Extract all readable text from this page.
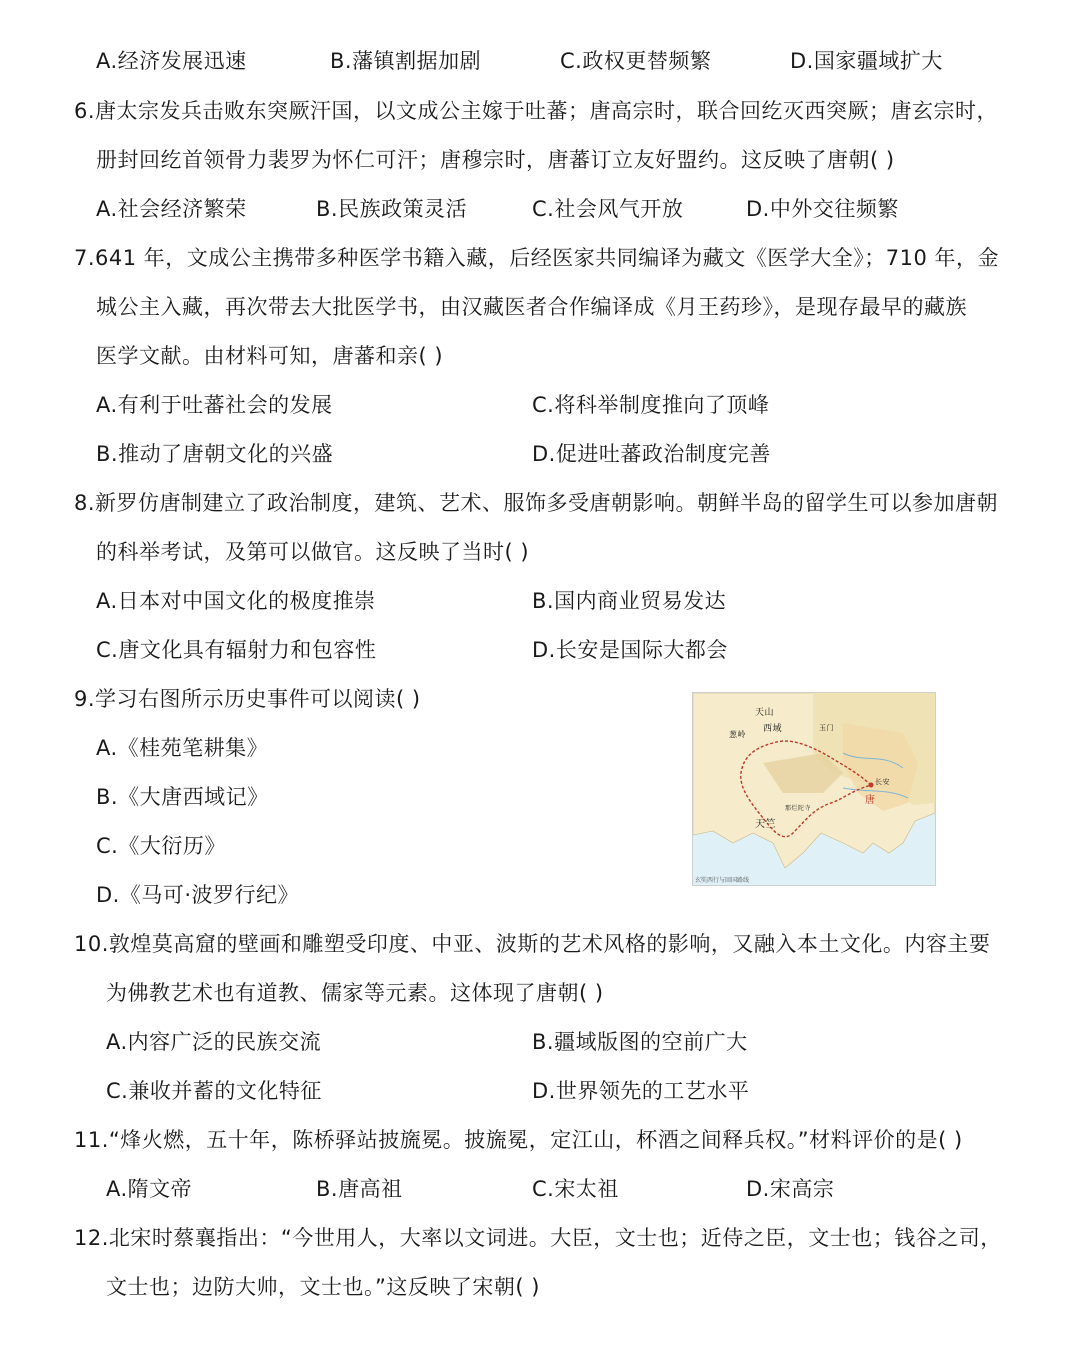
A.经济发展迅速	B.藩镇割据加剧	C.政权更替频繁	D.国家疆域扩大
6.唐太宗发兵击败东突厥汗国，以文成公主嫁于吐蕃；唐高宗时，联合回纥灭西突厥；唐玄宗时，
册封回纥首领骨力裴罗为怀仁可汗；唐穆宗时，唐蕃订立友好盟约。这反映了唐朝( )
A.社会经济繁荣	B.民族政策灵活	C.社会风气开放	D.中外交往频繁
7.641 年，文成公主携带多种医学书籍入藏，后经医家共同编译为藏文《医学大全》；710 年，金
城公主入藏，再次带去大批医学书，由汉藏医者合作编译成《月王药珍》，是现存最早的藏族
医学文献。由材料可知，唐蕃和亲( )
A.有利于吐蕃社会的发展	C.将科举制度推向了顶峰
B.推动了唐朝文化的兴盛	D.促进吐蕃政治制度完善
8.新罗仿唐制建立了政治制度，建筑、艺术、服饰多受唐朝影响。朝鲜半岛的留学生可以参加唐朝
的科举考试，及第可以做官。这反映了当时( )
A.日本对中国文化的极度推崇	B.国内商业贸易发达
C.唐文化具有辐射力和包容性	D.长安是国际大都会
9.学习右图所示历史事件可以阅读( )
A.《桂苑笔耕集》
B.《大唐西域记》
C.《大衍历》
D.《马可·波罗行纪》
天山
西域
葱岭
玉门
长安
唐
天竺
那烂陀寺
玄奘西行与回国路线
10.敦煌莫高窟的壁画和雕塑受印度、中亚、波斯的艺术风格的影响，又融入本土文化。内容主要
为佛教艺术也有道教、儒家等元素。这体现了唐朝( )
A.内容广泛的民族交流	B.疆域版图的空前广大
C.兼收并蓄的文化特征	D.世界领先的工艺水平
11.“烽火燃，五十年，陈桥驿站披旒冕。披旒冕，定江山，杯酒之间释兵权。”材料评价的是( )
A.隋文帝	B.唐高祖	C.宋太祖	D.宋高宗
12.北宋时蔡襄指出：“今世用人，大率以文词进。大臣，文士也；近侍之臣，文士也；钱谷之司，
文士也；边防大帅，文士也。”这反映了宋朝( )
